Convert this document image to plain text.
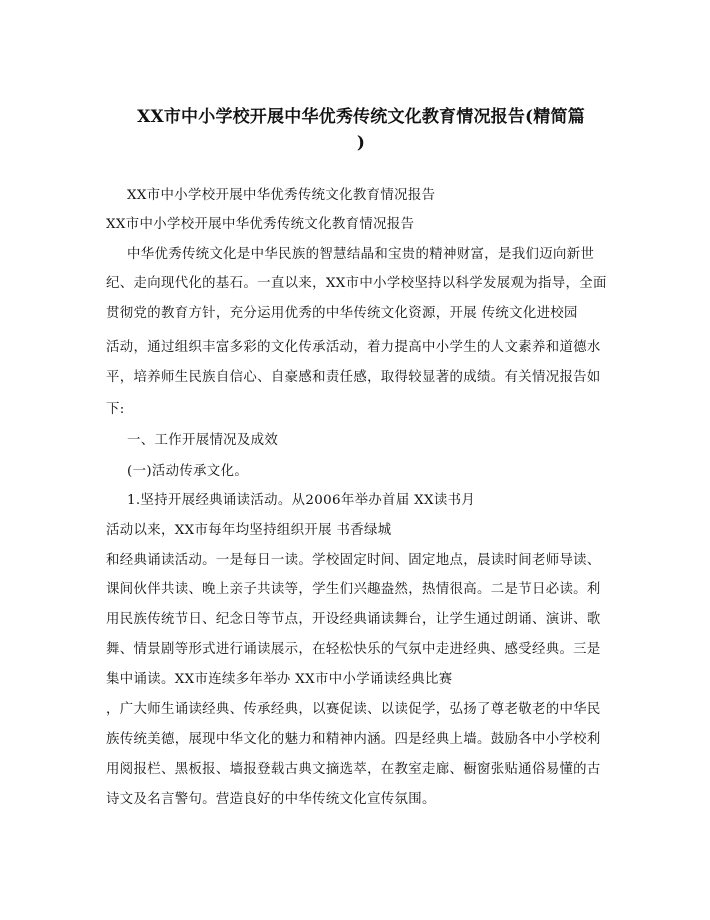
XX市中小学校开展中华优秀传统文化教育情况报告(精简篇
)
XX市中小学校开展中华优秀传统文化教育情况报告
XX市中小学校开展中华优秀传统文化教育情况报告
中华优秀传统文化是中华民族的智慧结晶和宝贵的精神财富，是我们迈向新世
纪、走向现代化的基石。一直以来，XX市中小学校坚持以科学发展观为指导，全面
贯彻党的教育方针，充分运用优秀的中华传统文化资源，开展 传统文化进校园
活动，通过组织丰富多彩的文化传承活动，着力提高中小学生的人文素养和道德水
平，培养师生民族自信心、自豪感和责任感，取得较显著的成绩。有关情况报告如
下:
一、工作开展情况及成效
(一)活动传承文化。
1.坚持开展经典诵读活动。从2006年举办首届 XX读书月
活动以来，XX市每年均坚持组织开展 书香绿城
和经典诵读活动。一是每日一读。学校固定时间、固定地点，晨读时间老师导读、
课间伙伴共读、晚上亲子共读等，学生们兴趣盎然，热情很高。二是节日必读。利
用民族传统节日、纪念日等节点，开设经典诵读舞台，让学生通过朗诵、演讲、歌
舞、情景剧等形式进行诵读展示，在轻松快乐的气氛中走进经典、感受经典。三是
集中诵读。XX市连续多年举办 XX市中小学诵读经典比赛
，广大师生诵读经典、传承经典，以赛促读、以读促学，弘扬了尊老敬老的中华民
族传统美德，展现中华文化的魅力和精神内涵。四是经典上墙。鼓励各中小学校利
用阅报栏、黑板报、墙报登载古典文摘选萃，在教室走廊、橱窗张贴通俗易懂的古
诗文及名言警句。营造良好的中华传统文化宣传氛围。
